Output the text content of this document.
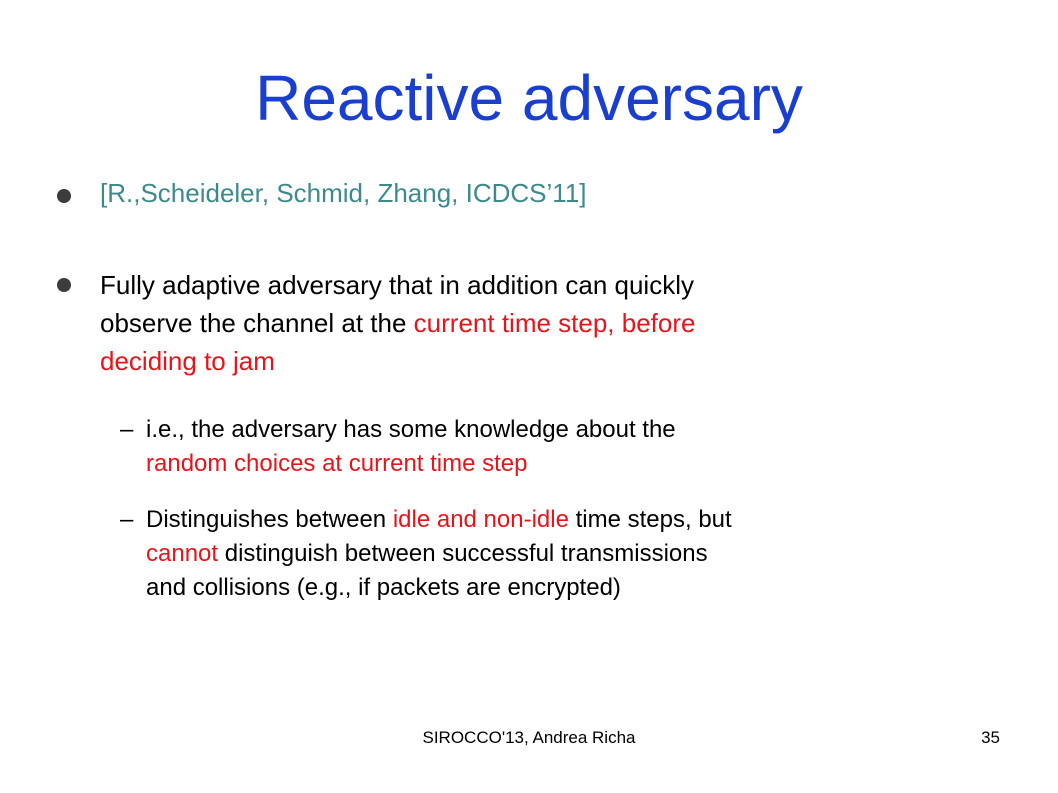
Reactive adversary
[R.,Scheideler, Schmid, Zhang, ICDCS’11]
Fully adaptive adversary that in addition can quickly
observe the channel at the current time step, before
deciding to jam
– i.e., the adversary has some knowledge about the
random choices at current time step
– Distinguishes between idle and non-idle time steps, but
cannot distinguish between successful transmissions
and collisions (e.g., if packets are encrypted)
SIROCCO'13, Andrea Richa	35
